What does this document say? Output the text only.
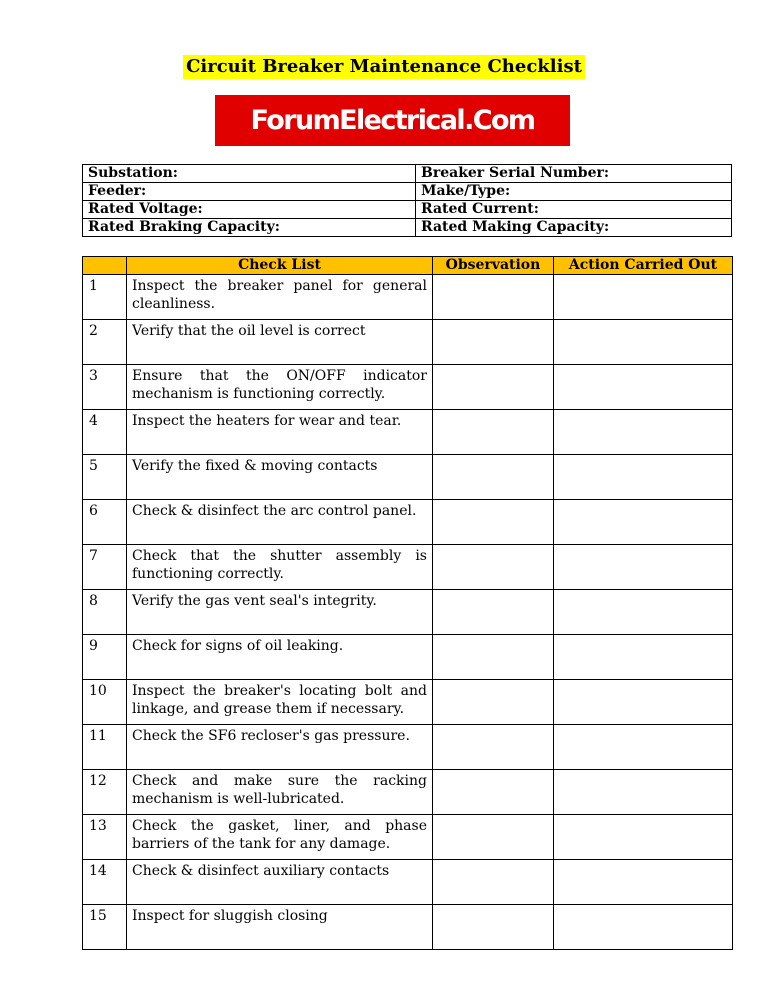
Circuit Breaker Maintenance Checklist
ForumElectrical.Com
Substation:	Breaker Serial Number:
Feeder:	Make/Type:
Rated Voltage:	Rated Current:
Rated Braking Capacity:	Rated Making Capacity:
	Check List	Observation	Action Carried Out
1	Inspect the breaker panel for general cleanliness.		
2	Verify that the oil level is correct		
3	Ensure that the ON/OFF indicator mechanism is functioning correctly.		
4	Inspect the heaters for wear and tear.		
5	Verify the fixed & moving contacts		
6	Check & disinfect the arc control panel.		
7	Check that the shutter assembly is functioning correctly.		
8	Verify the gas vent seal's integrity.		
9	Check for signs of oil leaking.		
10	Inspect the breaker's locating bolt and linkage, and grease them if necessary.		
11	Check the SF6 recloser's gas pressure.		
12	Check and make sure the racking mechanism is well-lubricated.		
13	Check the gasket, liner, and phase barriers of the tank for any damage.		
14	Check & disinfect auxiliary contacts		
15	Inspect for sluggish closing		
